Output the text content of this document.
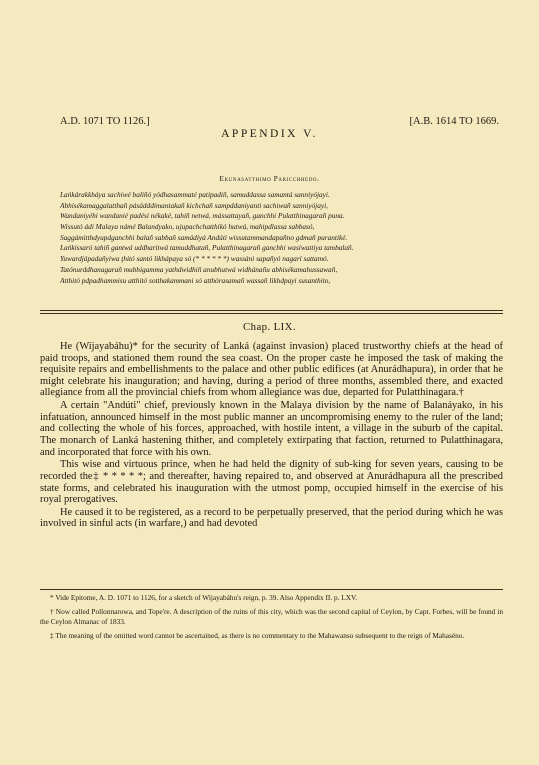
A.D. 1071 TO 1126.]	[A.B. 1614 TO 1669.
APPENDIX V.
Ekunasatthimo Paricchhedo.
Lańkárakkháya sachiwé baliñó yódhasammaté patipadiñ, samuddassa samantá sanniyójayi.
Abhisékamaggalatthañ pásádddimantakañ kichchañ sampddaniyanti sachiwañ sanniyójayi,
Wandaniyéhi wandanié padési nékaké, tahiñ netwá, mássattayañ, ganchhi Pulatthinagarañ puna.
Wissutó ádi Malaya námé Balandyako, ujupachchatthikó hutwá, mahipdlassa sabbasó,
Saggámitthdyupdganchhi balañ sabbañ samádiyá Andúti wissutammandapañno gdmañ purantiké.
Lańkissaró tahiñ gantwá uddharitwá tamuddhatañ, Pulatthinagarañ ganchhi wasiwattiya tambalañ.
Yuwardjápadañyiwa ţhitó santó likhápaya só (* * * * * *) wassáni sapañyó nagarí sattamó.
Tatónurddhanagarañ mubhigamma yathdwidhiñ anubhutwá widhánañu abhisékamahussawañ,
Atthitó pdpadhammisu atthitó sotthakammani só atthórasamañ wassañ likhdpayi susanthito,
Chap. LIX.

He (Wijayabáhu)* for the security of Lanká (against invasion) placed trustworthy chiefs at the head of paid troops, and stationed them round the sea coast. On the proper caste he imposed the task of making the requisite repairs and embellishments to the palace and other public edifices (at Anurádhapura), in order that he might celebrate his inauguration; and having, during a period of three months, assembled there, and exacted allegiance from all the provincial chiefs from whom allegiance was due, departed for Pulatthinagara.†

A certain "Andúti" chief, previously known in the Malaya division by the name of Balanáyako, in his infatuation, announced himself in the most public manner an uncompromising enemy to the ruler of the land; and collecting the whole of his forces, approached, with hostile intent, a village in the suburb of the capital. The monarch of Lanká hastening thither, and completely extirpating that faction, returned to Pulatthinagara, and incorporated that force with his own.

This wise and virtuous prince, when he had held the dignity of sub-king for seven years, causing to be recorded the‡ * * * * *; and thereafter, having repaired to, and observed at Anurádhapura all the prescribed state forms, and celebrated his inauguration with the utmost pomp, occupied himself in the exercise of his royal prerogatives.

He caused it to be registered, as a record to be perpetually preserved, that the period during which he was involved in sinful acts (in warfare,) and had devoted

* Vide Epitome, A. D. 1071 to 1126, for a sketch of Wijayabáhu's reign, p. 39. Also Appendix II. p. LXV.

† Now called Pollonnarowa, and Tope're. A description of the ruins of this city, which was the second capital of Ceylon, by Capt. Forbes, will be found in the Ceylon Almanac of 1833.

‡ The meaning of the omitted word cannot be ascertained, as there is no commentary to the Mahawanso subsequent to the reign of Mahaséno.
